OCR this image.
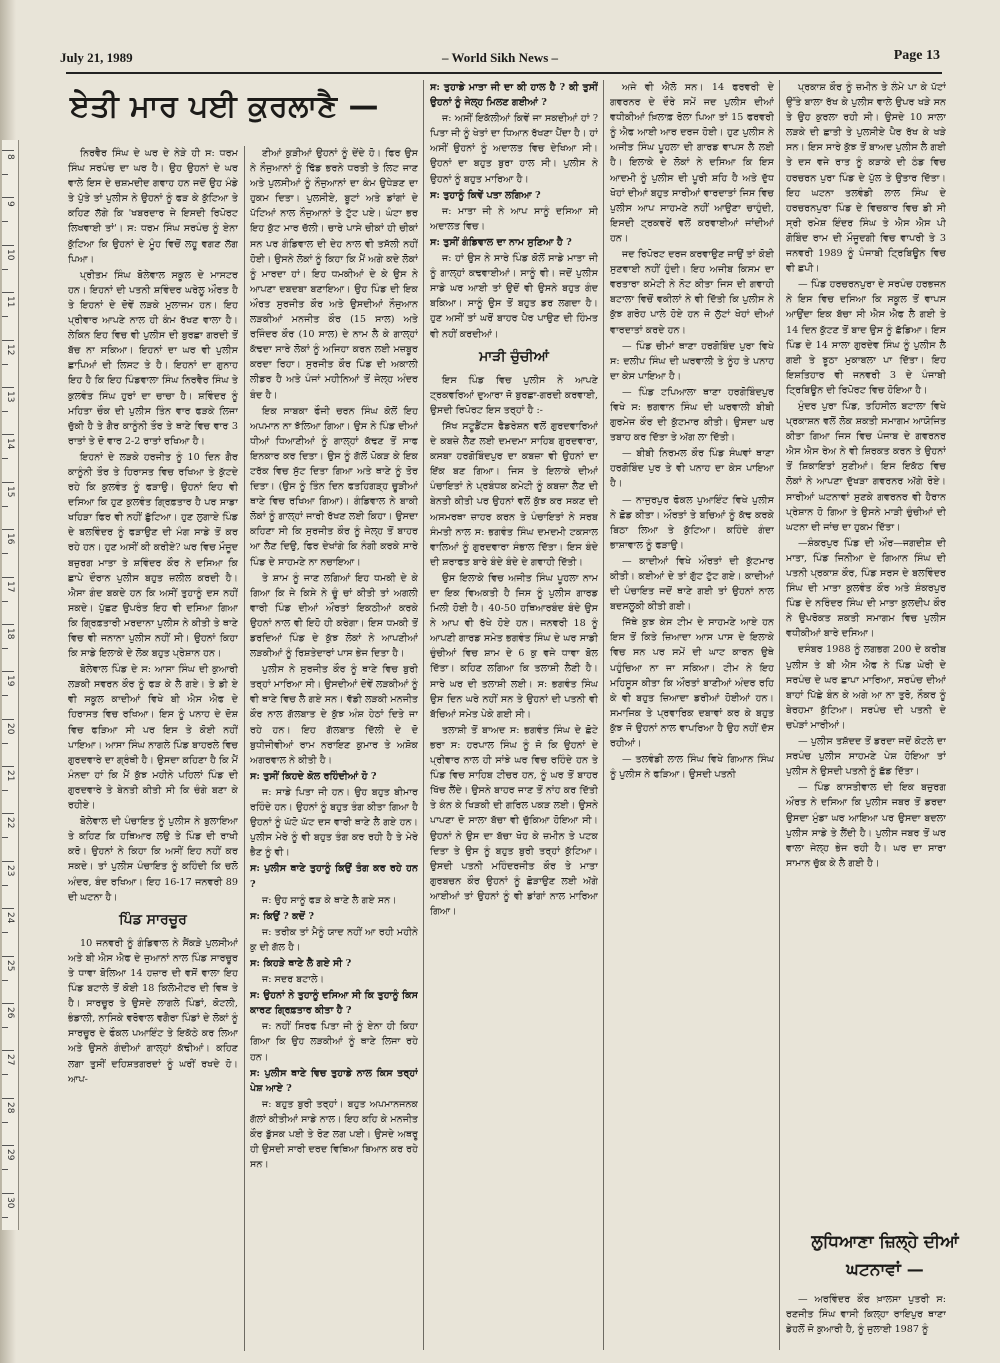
8
9
10
11
12
13
14
15
16
17
18
19
20
21
22
23
24
25
26
27
28
29
30
July 21, 1989	– World Sikh News –	Page 13
ਏਤੀ ਮਾਰ ਪਈ ਕੁਰਲਾਣੈ —

ਨਿਰਵੈਰ ਸਿੰਘ ਦੇ ਘਰ ਦੇ ਨੇੜੇ ਹੀ ਸ: ਧਰਮ ਸਿੰਘ ਸਰਪੰਚ ਦਾ ਘਰ ਹੈ। ਉਹ ਉਹਨਾਂ ਦੇ ਘਰ ਵਾਲੇ ਇਸ ਦੇ ਚਸ਼ਮਦੀਦ ਗਵਾਹ ਹਨ ਜਦੋਂ ਉਹ ਮੰਡੇ ਤੇ ਪੁੱਤੇ ਤਾਂ ਪੁਲੀਸ ਨੇ ਉਹਨਾਂ ਨੂੰ ਫੜ ਕੇ ਕੁੱਟਿਆ ਤੇ ਕਹਿਣ ਲੱਗੇ ਕਿ 'ਖਬਰਦਾਰ ਜੇ ਇਸਦੀ ਰਿਪੋਰਟ ਲਿਖਵਾਈ ਤਾਂ'। ਸ: ਧਰਮ ਸਿੰਘ ਸਰਪੰਚ ਨੂੰ ਏਨਾ ਕੁੱਟਿਆ ਕਿ ਉਹਨਾਂ ਦੇ ਮੂੰਹ ਵਿਚੋਂ ਲਹੂ ਵਗਣ ਲੱਗ ਪਿਆ।

ਪ੍ਰੀਤਮ ਸਿੰਘ ਬੋਲੇਵਾਲ ਸਕੂਲ ਦੇ ਮਾਸਟਰ ਹਨ। ਇਹਨਾਂ ਦੀ ਪਤਨੀ ਸ਼ਵਿੰਦਰ ਘਰੇਲੂ ਔਰਤ ਹੈ ਤੇ ਇਹਨਾਂ ਦੇ ਦੋਵੇਂ ਲੜਕੇ ਮੁਲਾਜਮ ਹਨ। ਇਹ ਪ੍ਰੀਵਾਰ ਆਪਣੇ ਨਾਲ ਹੀ ਕੰਮ ਰੱਖਣ ਵਾਲਾ ਹੈ। ਲੇਕਿਨ ਇਹ ਵਿਚ ਵੀ ਪੁਲੀਸ ਦੀ ਬੁਰਛਾ ਗਰਦੀ ਤੋਂ ਬੱਚ ਨਾ ਸਕਿਆ। ਇਹਨਾਂ ਦਾ ਘਰ ਵੀ ਪੁਲੀਸ ਛਾਪਿਆਂ ਦੀ ਲਿਸਟ ਤੇ ਹੈ। ਇਹਨਾਂ ਦਾ ਗੁਨਾਹ ਇਹ ਹੈ ਕਿ ਇਹ ਪਿੰਡਵਾਲਾ ਸਿੰਘ ਨਿਰਵੈਰ ਸਿੰਘ ਤੇ ਕੁਲਵੰਤ ਸਿੰਘ ਹੁਰਾਂ ਦਾ ਚਾਚਾ ਹੈ। ਸ਼ਵਿੰਦਰ ਨੂੰ ਮਹਿਤਾ ਚੌਕ ਦੀ ਪੁਲੀਸ ਤਿੰਨ ਵਾਰ ਫੜਕੇ ਲਿਜਾ ਚੁੱਕੀ ਹੈ ਤੇ ਗੈਰ ਕਾਨੂੰਨੀ ਤੌਰ ਤੇ ਥਾਣੇ ਵਿਚ ਵਾਰ 3 ਰਾਤਾਂ ਤੇ ਦੋ ਵਾਰ 2-2 ਰਾਤਾਂ ਰਖਿਆ ਹੈ।

ਇਹਨਾਂ ਦੇ ਲੜਕੇ ਹਰਜੀਤ ਨੂੰ 10 ਦਿਨ ਗੈਰ ਕਾਨੂੰਨੀ ਤੌਰ ਤੇ ਹਿਰਾਸਤ ਵਿਚ ਰਖਿਆ ਤੇ ਕੁੱਟਦੇ ਰਹੇ ਕਿ ਕੁਲਵੰਤ ਨੂੰ ਫੜਾਉ। ਉਹਨਾਂ ਇਹ ਵੀ ਦਸਿਆ ਕਿ ਹੁਣ ਕੁਲਵੰਤ ਗ੍ਰਿਫ਼ਤਾਰ ਹੈ ਪਰ ਸਾਡਾ ਖਹਿੜਾ ਫਿਰ ਵੀ ਨਹੀਂ ਛੁੱਟਿਆ। ਹੁਣ ਲੁਗਾਏ ਪਿੰਡ ਦੇ ਬਲਵਿੰਦਰ ਨੂੰ ਫੜਾਉਣ ਦੀ ਮੰਗ ਸਾਡੇ ਤੋਂ ਕਰ ਰਹੇ ਹਨ। ਹੁਣ ਅਸੀਂ ਕੀ ਕਰੀਏ? ਘਰ ਵਿਚ ਮੌਜੂਦ ਬਜ਼ੁਰਗ ਮਾਤਾ ਤੇ ਸ਼ਵਿੰਦਰ ਕੌਰ ਨੇ ਦਸਿਆ ਕਿ ਛਾਪੇ ਦੌਰਾਨ ਪੁਲੀਸ ਬਹੁਤ ਜ਼ਲੀਲ ਕਰਦੀ ਹੈ। ਐਸਾ ਗੰਦ ਬਕਦੇ ਹਨ ਕਿ ਅਸੀਂ ਤੁਹਾਨੂੰ ਦਸ ਨਹੀਂ ਸਕਦੇ। ਪੁੱਛਣ ਉਪਰੰਤ ਇਹ ਵੀ ਦਸਿਆ ਗਿਆ ਕਿ ਗ੍ਰਿਫ਼ਤਾਰੀ ਮਰਦਾਨਾ ਪੁਲੀਸ ਨੇ ਕੀਤੀ ਤੇ ਥਾਣੇ ਵਿਚ ਵੀ ਜਨਾਨਾ ਪੁਲੀਸ ਨਹੀਂ ਸੀ। ਉਹਨਾਂ ਕਿਹਾ ਕਿ ਸਾਡੇ ਇਲਾਕੇ ਦੇ ਲੋਕ ਬਹੁਤ ਪ੍ਰੇਸ਼ਾਨ ਹਨ।

ਬੋਲੇਵਾਲ ਪਿੰਡ ਦੇ ਸ: ਆਸਾ ਸਿੰਘ ਦੀ ਕੁਆਰੀ ਲੜਕੀ ਸਵਰਨ ਕੌਰ ਨੂੰ ਫੜ ਕੇ ਲੈ ਗਏ। ਤੇ ਡੀ ਏ ਵੀ ਸਕੂਲ ਕਾਦੀਆਂ ਵਿਖੇ ਬੀ ਐਸ ਐਫ ਦੇ ਹਿਰਾਸਤ ਵਿਚ ਰਖਿਆ। ਇਸ ਨੂੰ ਪਨਾਹ ਦੇ ਦੋਸ਼ ਵਿਚ ਫੜਿਆ ਸੀ ਪਰ ਇਸ ਤੇ ਕੋਈ ਨਹੀਂ ਪਾਇਆ। ਆਸਾ ਸਿੰਘ ਨਾਗਲੇ ਪਿੰਡ ਬਾਹਰਲੇ ਵਿਚ ਗੁਰਦਵਾਰੇ ਦਾ ਗ੍ਰੰਥੀ ਹੈ। ਉਸਦਾ ਕਹਿਣਾ ਹੈ ਕਿ ਮੈਂ ਮੰਨਦਾ ਹਾਂ ਕਿ ਮੈਂ ਕੁੱਝ ਮਹੀਨੇ ਪਹਿਲਾਂ ਪਿੰਡ ਦੀ ਗੁਰਦਵਾਰੇ ਤੇ ਬੇਨਤੀ ਕੀਤੀ ਸੀ ਕਿ ਚੰਗੇ ਬਣਾ ਕੇ ਰਹੀਏ।

ਬੋਲੇਵਾਲ ਦੀ ਪੰਚਾਇਤ ਨੂੰ ਪੁਲੀਸ ਨੇ ਬੁਲਾਇਆ ਤੇ ਕਹਿਣ ਕਿ ਹਥਿਆਰ ਲਉ ਤੇ ਪਿੰਡ ਦੀ ਰਾਖੀ ਕਰੋ। ਉਹਨਾਂ ਨੇ ਕਿਹਾ ਕਿ ਅਸੀਂ ਇਹ ਨਹੀਂ ਕਰ ਸਕਦੇ। ਤਾਂ ਪੁਲੀਸ ਪੰਚਾਇਤ ਨੂੰ ਕਹਿੰਦੀ ਕਿ ਚਲੋ ਅੰਦਰ, ਬੰਦ ਰਖਿਆ। ਇਹ 16-17 ਜਨਵਰੀ 89 ਦੀ ਘਟਨਾ ਹੈ।

ਪਿੰਡ ਸਾਰਚੂਰ

10 ਜਨਵਰੀ ਨੂੰ ਗੰਡਿਵਾਲ ਨੇ ਸੈਂਕੜੇ ਪੁਲਸੀਆਂ ਅਤੇ ਬੀ ਐਸ ਐਫ ਦੇ ਜੁਆਨਾਂ ਨਾਲ ਪਿੰਡ ਸਾਰਚੂਰ ਤੇ ਧਾਵਾ ਬੋਲਿਆ 14 ਹਜ਼ਾਰ ਦੀ ਵਸੋਂ ਵਾਲਾ ਇਹ ਪਿੰਡ ਬਟਾਲੇ ਤੋਂ ਕੋਈ 18 ਕਿਲੋਮੀਟਰ ਦੀ ਵਿਥ ਤੇ ਹੈ। ਸਾਰਚੂਰ ਤੇ ਉਸਦੇ ਲਾਗਲੇ ਪਿੰਡਾਂ, ਕੋਟਲੀ, ਭੰਡਾਲੀ, ਨਾਸਿਕੇ ਵਰੋਵਾਲ ਵਗੈਰਾ ਪਿੰਡਾਂ ਦੇ ਲੋਕਾਂ ਨੂੰ ਸਾਰਚੂਰ ਦੇ ਫੌਕਲ ਪਆਇੰਟ ਤੇ ਇਕੱਠੇ ਕਰ ਲਿਆ ਅਤੇ ਉਸਨੇ ਗੰਦੀਆਂ ਗਾਲ੍ਹਾਂ ਕੱਢੀਆਂ। ਕਹਿਣ ਲਗਾ ਤੁਸੀਂ ਦਹਿਸ਼ਤਗਰਦਾਂ ਨੂੰ ਘਰੀਂ ਰਖਦੇ ਹੋ। ਆਪ-

ਣੀਆਂ ਕੁੜੀਆਂ ਉਹਨਾਂ ਨੂੰ ਦੇਂਦੇ ਹੋ। ਫਿਰ ਉਸ ਨੇ ਨੌਜੁਆਨਾਂ ਨੂੰ ਢਿੱਡ ਭਰਨੇ ਧਰਤੀ ਤੇ ਲਿਟ ਜਾਣ ਅਤੇ ਪੁਲਸੀਆਂ ਨੂੰ ਨੌਜੁਆਨਾਂ ਦਾ ਕੰਮ ਉਧੇੜਣ ਦਾ ਹੁਕਮ ਦਿਤਾ। ਪੁਲਸੀਏ, ਬੂਟਾਂ ਅਤੇ ਡਾਂਗਾਂ ਦੇ ਪੱਟਿਆਂ ਨਾਲ ਨੌਜੁਆਨਾਂ ਤੇ ਟੁੱਟ ਪਏ। ਘੰਟਾ ਭਰ ਇਹ ਕੁੱਟ ਮਾਰ ਚੱਲੀ। ਚਾਰੇ ਪਾਸੇ ਚੀਕਾਂ ਹੀ ਚੀਕਾਂ ਸਨ ਪਰ ਗੰਡਿਵਾਲ ਦੀ ਦੇਹ ਨਾਲ ਵੀ ਤਸੱਲੀ ਨਹੀਂ ਹੋਈ। ਉਸਨੇ ਲੋਕਾਂ ਨੂੰ ਕਿਹਾ ਕਿ ਮੈਂ ਅਗੇ ਕਦੇ ਲੋਕਾਂ ਨੂੰ ਮਾਰਦਾ ਹਾਂ। ਇਹ ਧਮਕੀਆਂ ਦੇ ਕੇ ਉਸ ਨੇ ਆਪਣਾ ਦਬਦਬਾ ਬਣਾਇਆ। ਉਹ ਪਿੰਡ ਦੀ ਇਕ ਔਰਤ ਸੁਰਜੀਤ ਕੌਰ ਅਤੇ ਉਸਦੀਆਂ ਨੌਜੁਆਨ ਲੜਕੀਆਂ ਮਨਜੀਤ ਕੌਰ (15 ਸਾਲ) ਅਤੇ ਰਜਿੰਦਰ ਕੌਰ (10 ਸਾਲ) ਦੇ ਨਾਮ ਲੈ ਕੇ ਗਾਲ੍ਹਾਂ ਕੱਢਦਾ ਸਾਰੇ ਲੋਕਾਂ ਨੂੰ ਅਜਿਹਾ ਕਰਨ ਲਈ ਮਜ਼ਬੂਰ ਕਰਦਾ ਰਿਹਾ। ਸੁਰਜੀਤ ਕੌਰ ਪਿੰਡ ਦੀ ਅਕਾਲੀ ਲੀਡਰ ਹੈ ਅਤੇ ਪੰਜਾਂ ਮਹੀਨਿਆਂ ਤੋਂ ਜੇਲ੍ਹ ਅੰਦਰ ਬੰਦ ਹੈ।

ਇਕ ਸਾਬਕਾ ਫੌਜੀ ਚਰਨ ਸਿੰਘ ਕੋਲੋਂ ਇਹ ਅਪਮਾਨ ਨਾ ਝੱਲਿਆ ਗਿਆ। ਉਸ ਨੇ ਪਿੰਡ ਦੀਆਂ ਧੀਆਂ ਧਿਆਣੀਆਂ ਨੂੰ ਗਾਲ੍ਹਾਂ ਕੱਢਣ ਤੋਂ ਸਾਫ ਇਨਕਾਰ ਕਰ ਦਿਤਾ। ਉਸ ਨੂੰ ਗੱਲੋਂ ਪੋਕੜ ਕੇ ਇਕ ਟਰੱਕ ਵਿਚ ਸੁੱਟ ਦਿਤਾ ਗਿਆ ਅਤੇ ਥਾਣੇ ਨੂੰ ਤੋਰ ਦਿਤਾ। (ਉਸ ਨੂੰ ਤਿੰਨ ਦਿਨ ਫਤਹਿਗੜ੍ਹ ਚੂੜੀਆਂ ਥਾਣੇ ਵਿਚ ਰਖਿਆ ਗਿਆ)। ਗੰਡਿਵਾਲ ਨੇ ਬਾਕੀ ਲੋਕਾਂ ਨੂੰ ਗਾਲ੍ਹਾਂ ਜਾਰੀ ਰੱਖਣ ਲਈ ਕਿਹਾ। ਉਸਦਾ ਕਹਿਣਾ ਸੀ ਕਿ ਸੁਰਜੀਤ ਕੌਰ ਨੂੰ ਜੇਲ੍ਹ ਤੋਂ ਬਾਹਰ ਆ ਲੈਣ ਦਿਉ, ਫਿਰ ਦੇਖਾਂਗੇ ਕਿ ਨੰਗੀ ਕਰਕੇ ਸਾਰੇ ਪਿੰਡ ਦੇ ਸਾਹਮਣੇ ਨਾ ਨਚਾਇਆ।

ਤੇ ਸ਼ਾਮ ਨੂੰ ਜਾਣ ਲਗਿਆਂ ਇਹ ਧਮਕੀ ਦੇ ਕੇ ਗਿਆ ਕਿ ਜੇ ਕਿਸੇ ਨੇ ਚੂੰ ਚਾਂ ਕੀਤੀ ਤਾਂ ਅਗਲੀ ਵਾਰੀ ਪਿੰਡ ਦੀਆਂ ਔਰਤਾਂ ਇਕਠੀਆਂ ਕਰਕੇ ਉਹਨਾਂ ਨਾਲ ਵੀ ਇਹੋ ਹੀ ਕਰੇਗਾ। ਇਸ ਧਮਕੀ ਤੋਂ ਡਰਦਿਆਂ ਪਿੰਡ ਦੇ ਕੁੱਝ ਲੋਕਾਂ ਨੇ ਆਪਣੀਆਂ ਲੜਕੀਆਂ ਨੂੰ ਰਿਸ਼ਤੇਦਾਰਾਂ ਪਾਸ ਭੇਜ ਦਿਤਾ ਹੈ।

ਪੁਲੀਸ ਨੇ ਸੁਰਜੀਤ ਕੌਰ ਨੂੰ ਥਾਣੇ ਵਿਚ ਬੁਰੀ ਤਰ੍ਹਾਂ ਮਾਰਿਆ ਸੀ। ਉਸਦੀਆਂ ਦੋਵੇਂ ਲੜਕੀਆਂ ਨੂੰ ਵੀ ਥਾਣੇ ਵਿਚ ਲੈ ਗਏ ਸਨ। ਵੱਡੀ ਲੜਕੀ ਮਨਜੀਤ ਕੌਰ ਨਾਲ ਗੱਲਬਾਤ ਦੇ ਕੁੱਝ ਅੰਸ਼ ਹੇਠਾਂ ਦਿਤੇ ਜਾ ਰਹੇ ਹਨ। ਇਹ ਗੱਲਬਾਤ ਦਿੱਲੀ ਦੇ ਦੋ ਬੁਧੀਜੀਵੀਆਂ ਰਾਮ ਨਰਾਇਣ ਕੁਮਾਰ ਤੇ ਅਸ਼ੋਕ ਅਗਰਵਾਲ ਨੇ ਕੀਤੀ ਹੈ।

ਸ: ਤੁਸੀਂ ਕਿਹਦੇ ਕੋਲ ਰਹਿੰਦੀਆਂ ਹੋ ?

ਜ: ਸਾਡੇ ਪਿਤਾ ਜੀ ਹਨ। ਉਹ ਬਹੁਤ ਬੀਮਾਰ ਰਹਿੰਦੇ ਹਨ। ਉਹਨਾਂ ਨੂੰ ਬਹੁਤ ਤੰਗ ਕੀਤਾ ਗਿਆ ਹੈ ਉਹਨਾਂ ਨੂੰ ਘੱਟੋ ਘੱਟ ਦਸ ਵਾਰੀ ਥਾਣੇ ਲੈ ਗਏ ਹਨ। ਪੁਲੀਸ ਮੇਰੇ ਨੂੰ ਵੀ ਬਹੁਤ ਤੰਗ ਕਰ ਰਹੀ ਹੈ ਤੇ ਮੇਰੇ ਭੈਣ ਨੂੰ ਵੀ।

ਸ: ਪੁਲੀਸ ਥਾਣੇ ਤੁਹਾਨੂੰ ਕਿਉਂ ਤੰਗ ਕਰ ਰਹੇ ਹਨ ?

ਜ: ਉਹ ਸਾਨੂੰ ਫੜ ਕੇ ਥਾਣੇ ਲੈ ਗਏ ਸਨ।

ਸ: ਕਿਉਂ ? ਕਦੋਂ ?

ਜ: ਤਰੀਕ ਤਾਂ ਮੈਨੂੰ ਯਾਦ ਨਹੀਂ ਆ ਰਹੀ ਮਹੀਨੇ ਕੁ ਦੀ ਗੱਲ ਹੈ।

ਸ: ਕਿਹੜੇ ਥਾਣੇ ਲੈ ਗਏ ਸੀ ?

ਜ: ਸਦਰ ਬਟਾਲੇ।

ਸ: ਉਹਨਾਂ ਨੇ ਤੁਹਾਨੂੰ ਦਸਿਆ ਸੀ ਕਿ ਤੁਹਾਨੂੰ ਕਿਸ ਕਾਰਣ ਗ੍ਰਿਫ਼ਤਾਰ ਕੀਤਾ ਹੈ ?

ਜ: ਨਹੀਂ ਸਿਰਫ ਪਿਤਾ ਜੀ ਨੂੰ ਏਨਾ ਹੀ ਕਿਹਾ ਗਿਆ ਕਿ ਉਹ ਲੜਕੀਆਂ ਨੂੰ ਥਾਣੇ ਲਿਜਾ ਰਹੇ ਹਨ।

ਸ: ਪੁਲੀਸ ਥਾਣੇ ਵਿਚ ਤੁਹਾਡੇ ਨਾਲ ਕਿਸ ਤਰ੍ਹਾਂ ਪੇਸ਼ ਆਏ ?

ਜ: ਬਹੁਤ ਬੁਰੀ ਤਰ੍ਹਾਂ। ਬਹੁਤ ਅਪਮਾਨਜਨਕ ਗੱਲਾਂ ਕੀਤੀਆਂ ਸਾਡੇ ਨਾਲ। ਇਹ ਕਹਿ ਕੇ ਮਨਜੀਤ ਕੌਰ ਡੁੱਸਕ ਪਈ ਤੇ ਰੋਣ ਲਗ ਪਈ। ਉਸਦੇ ਅਥਰੂ ਹੀ ਉਸਦੀ ਸਾਰੀ ਦਰਦ ਵਿਥਿਆ ਬਿਆਨ ਕਰ ਰਹੇ ਸਨ।

ਸ: ਤੁਹਾਡੇ ਮਾਤਾ ਜੀ ਦਾ ਕੀ ਹਾਲ ਹੈ ? ਕੀ ਤੁਸੀਂ ਉਹਨਾਂ ਨੂੰ ਜੇਲ੍ਹ ਮਿਲਣ ਗਈਆਂ ?

ਜ: ਅਸੀਂ ਇਕੱਲੀਆਂ ਕਿਵੇਂ ਜਾ ਸਕਦੀਆਂ ਹਾਂ ? ਪਿਤਾ ਜੀ ਨੂੰ ਖੇਤਾਂ ਦਾ ਧਿਆਨ ਰੱਖਣਾ ਪੈਂਦਾ ਹੈ। ਹਾਂ ਅਸੀਂ ਉਹਨਾਂ ਨੂੰ ਅਦਾਲਤ ਵਿਚ ਦੇਖਿਆ ਸੀ। ਉਹਨਾਂ ਦਾ ਬਹੁਤ ਬੁਰਾ ਹਾਲ ਸੀ। ਪੁਲੀਸ ਨੇ ਉਹਨਾਂ ਨੂੰ ਬਹੁਤ ਮਾਰਿਆ ਹੈ।

ਸ: ਤੁਹਾਨੂੰ ਕਿਵੇਂ ਪਤਾ ਲਗਿਆ ?

ਜ: ਮਾਤਾ ਜੀ ਨੇ ਆਪ ਸਾਨੂੰ ਦਸਿਆ ਸੀ ਅਦਾਲਤ ਵਿਚ।

ਸ: ਤੁਸੀਂ ਗੰਡਿਵਾਲ ਦਾ ਨਾਮ ਸੁਣਿਆ ਹੈ ?

ਜ: ਹਾਂ ਉਸ ਨੇ ਸਾਰੇ ਪਿੰਡ ਕੋਲੋਂ ਸਾਡੇ ਮਾਤਾ ਜੀ ਨੂੰ ਗਾਲ੍ਹਾਂ ਕਢਵਾਈਆਂ। ਸਾਨੂੰ ਵੀ। ਜਦੋਂ ਪੁਲੀਸ ਸਾਡੇ ਘਰ ਆਈ ਤਾਂ ਉਦੋਂ ਵੀ ਉਸਨੇ ਬਹੁਤ ਗੰਦ ਬਕਿਆ। ਸਾਨੂੰ ਉਸ ਤੋਂ ਬਹੁਤ ਡਰ ਲਗਦਾ ਹੈ। ਹੁਣ ਅਸੀਂ ਤਾਂ ਘਰੋਂ ਬਾਹਰ ਪੈਰ ਪਾਉਣ ਦੀ ਹਿੰਮਤ ਵੀ ਨਹੀਂ ਕਰਦੀਆਂ।

ਮਾੜੀ ਚੁੰਚੀਆਂ

ਇਸ ਪਿੰਡ ਵਿਚ ਪੁਲੀਸ ਨੇ ਆਪਣੇ ਟ੍ਰਕਵਰਿਆਂ ਦੁਆਰਾ ਜੋ ਬੁਰਛਾ-ਗਰਦੀ ਕਰਵਾਈ, ਉਸਦੀ ਰਿਪੋਰਟ ਇਸ ਤਰ੍ਹਾਂ ਹੈ :-

ਸਿੱਖ ਸਟੂਡੈਂਟਸ ਫੈਡਰੇਸ਼ਨ ਵਲੋਂ ਗੁਰਦਵਾਰਿਆਂ ਦੇ ਕਬਜ਼ੇ ਲੈਣ ਲਈ ਦਮਦਮਾ ਸਾਹਿਬ ਗੁਰਦਵਾਰਾ, ਕਸਬਾ ਹਰਗੋਬਿੰਦਪੁਰ ਦਾ ਕਬਜ਼ਾ ਵੀ ਉਹਨਾਂ ਦਾ ਇੱਕ ਬਣ ਗਿਆ। ਜਿਸ ਤੇ ਇਲਾਕੇ ਦੀਆਂ ਪੰਚਾਇਤਾਂ ਨੇ ਪ੍ਰਬੰਧਕ ਕਮੇਟੀ ਨੂੰ ਕਬਜ਼ਾ ਲੈਣ ਦੀ ਬੇਨਤੀ ਕੀਤੀ ਪਰ ਉਹਨਾਂ ਵਲੋਂ ਕੁੱਝ ਕਰ ਸਕਣ ਦੀ ਅਸਮਰਥਾ ਜ਼ਾਹਰ ਕਰਨ ਤੇ ਪੰਚਾਇਤਾਂ ਨੇ ਸਰਬ ਸੰਮਤੀ ਨਾਲ ਸ: ਭਗਵੰਤ ਸਿੰਘ ਦਮਦਮੀ ਟਕਸਾਲ ਵਾਲਿਆਂ ਨੂੰ ਗੁਰਦਵਾਰਾ ਸੰਭਾਲ ਦਿੱਤਾ। ਇਸ ਬੰਦੇ ਦੀ ਸ਼ਰਾਫਤ ਬਾਰੇ ਬੰਦੇ ਬੰਦੇ ਦੇ ਗਵਾਹੀ ਦਿੱਤੀ।

ਉਸ ਇਲਾਕੇ ਵਿਚ ਅਜੀਤ ਸਿੰਘ ਪੂਹਲਾ ਨਾਮ ਦਾ ਇਕ ਵਿਅਕਤੀ ਹੈ ਜਿਸ ਨੂੰ ਪੁਲੀਸ ਗਾਰਡ ਮਿਲੀ ਹੋਈ ਹੈ। 40-50 ਹਥਿਆਰਬੰਦ ਬੰਦੇ ਉਸ ਨੇ ਆਪ ਵੀ ਰੱਖੇ ਹੋਏ ਹਨ। ਜਨਵਰੀ 18 ਨੂੰ ਆਪਣੀ ਗਾਰਡ ਸਮੇਤ ਭਗਵੰਤ ਸਿੰਘ ਦੇ ਘਰ ਸਾਡੀ ਚੁੰਚੀਆਂ ਵਿਚ ਸ਼ਾਮ ਦੇ 6 ਕੁ ਵਜੇ ਧਾਵਾ ਬੋਲ ਦਿੱਤਾ। ਕਹਿਣ ਲਗਿਆ ਕਿ ਤਲਾਸ਼ੀ ਲੈਣੀ ਹੈ। ਸਾਰੇ ਘਰ ਦੀ ਤਲਾਸ਼ੀ ਲਈ। ਸ: ਭਗਵੰਤ ਸਿੰਘ ਉਸ ਦਿਨ ਘਰੇ ਨਹੀਂ ਸਨ ਤੇ ਉਹਨਾਂ ਦੀ ਪਤਨੀ ਵੀ ਬੱਚਿਆਂ ਸਮੇਤ ਪੇਕੇ ਗਈ ਸੀ।

ਤਲਾਸ਼ੀ ਤੋਂ ਬਾਅਦ ਸ: ਭਗਵੰਤ ਸਿੰਘ ਦੇ ਛੋਟੇ ਭਰਾ ਸ: ਹਰਪਾਲ ਸਿੰਘ ਨੂੰ ਜੋ ਕਿ ਉਹਨਾਂ ਦੇ ਪ੍ਰੀਵਾਰ ਨਾਲ ਹੀ ਸਾਂਝੇ ਘਰ ਵਿਚ ਰਹਿੰਦੇ ਹਨ ਤੇ ਪਿੰਡ ਵਿਚ ਸਾਹਿਬ ਟੀਚਰ ਹਨ, ਨੂੰ ਘਰ ਤੋਂ ਬਾਹਰ ਖਿੱਚ ਲੈਂਦੇ। ਉਸਨੇ ਬਾਹਰ ਜਾਣ ਤੋਂ ਨਾਂਹ ਕਰ ਦਿੱਤੀ ਤੇ ਕੰਨ ਕੇ ਖਿੜਕੀ ਦੀ ਗਰਿਲ ਪਕੜ ਲਈ। ਉਸਨੇ ਪਾਪਣਾ ਦੋ ਸਾਲਾ ਬੱਚਾ ਵੀ ਚੁੱਕਿਆ ਹੋਇਆ ਸੀ। ਉਹਨਾਂ ਨੇ ਉਸ ਦਾ ਬੱਚਾ ਖੋਹ ਕੇ ਜ਼ਮੀਨ ਤੇ ਪਟਕ ਦਿਤਾ ਤੇ ਉਸ ਨੂੰ ਬਹੁਤ ਬੁਰੀ ਤਰ੍ਹਾਂ ਕੁੱਟਿਆ। ਉਸਦੀ ਪਤਨੀ ਮਹਿੰਦਰਜੀਤ ਕੌਰ ਤੇ ਮਾਤਾ ਗੁਰਬਚਨ ਕੌਰ ਉਹਨਾਂ ਨੂੰ ਛੋੜਾਉਣ ਲਈ ਅੱਗੇ ਆਈਆਂ ਤਾਂ ਉਹਨਾਂ ਨੂੰ ਵੀ ਡਾਂਗਾਂ ਨਾਲ ਮਾਰਿਆ ਗਿਆ।

ਅਜੇ ਵੀ ਐਲੋ ਸਨ। 14 ਫਰਵਰੀ ਦੇ ਗਵਰਨਰ ਦੇ ਦੌਰੇ ਸਮੇਂ ਜਦ ਪੁਲੀਸ ਦੀਆਂ ਵਧੀਕੀਆਂ ਖ਼ਿਲਾਫ਼ ਰੋਲਾ ਪਿਆ ਤਾਂ 15 ਫਰਵਰੀ ਨੂੰ ਐਫ ਆਈ ਆਰ ਦਰਜ ਹੋਈ। ਹੁਣ ਪੁਲੀਸ ਨੇ ਅਜੀਤ ਸਿੰਘ ਪੂਹਲਾ ਦੀ ਗਾਰਡ ਵਾਪਸ ਲੈ ਲਈ ਹੈ। ਇਲਾਕੇ ਦੇ ਲੋਕਾਂ ਨੇ ਦਸਿਆ ਕਿ ਇਸ ਆਦਮੀ ਨੂੰ ਪੁਲੀਸ ਦੀ ਪੂਰੀ ਸ਼ਹਿ ਹੈ ਅਤੇ ਦੁੱਧ ਖੋਹਾਂ ਦੀਆਂ ਬਹੁਤ ਸਾਰੀਆਂ ਵਾਰਦਾਤਾਂ ਜਿਸ ਵਿਚ ਪੁਲੀਸ ਆਪ ਸਾਹਮਣੇ ਨਹੀਂ ਆਉਣਾ ਚਾਹੁੰਦੀ, ਇਸਦੀ ਟ੍ਰਕਵਰੇਂ ਵਲੋਂ ਕਰਵਾਈਆਂ ਜਾਂਦੀਆਂ ਹਨ।

ਜਦ ਰਿਪੋਰਟ ਦਰਜ ਕਰਵਾਉਣ ਜਾਉਂ ਤਾਂ ਕੋਈ ਸੁਣਵਾਈ ਨਹੀਂ ਹੁੰਦੀ। ਇਹ ਅਜੀਬ ਕਿਸਮ ਦਾ ਵਰਤਾਰਾ ਕਮੇਟੀ ਨੇ ਨੋਟ ਕੀਤਾ ਜਿਸ ਦੀ ਗਵਾਹੀ ਬਟਾਲਾ ਵਿਚੋਂ ਵਕੀਲਾਂ ਨੇ ਵੀ ਦਿੱਤੀ ਕਿ ਪੁਲੀਸ ਨੇ ਕੁੱਝ ਗਰੋਹ ਪਾਲੇ ਹੋਏ ਹਨ ਜੋ ਲੁੱਟਾਂ ਖੋਹਾਂ ਦੀਆਂ ਵਾਰਦਾਤਾਂ ਕਰਦੇ ਹਨ।

— ਪਿੰਡ ਚੀਮਾਂ ਥਾਣਾ ਹਰਗੋਬਿੰਦ ਪੁਰਾ ਵਿਖੇ ਸ: ਦਲੀਪ ਸਿੰਘ ਦੀ ਘਰਵਾਲੀ ਤੇ ਨੂੰਹ ਤੇ ਪਨਾਹ ਦਾ ਕੇਸ ਪਾਇਆ ਹੈ।

— ਪਿੰਡ ਟਪਿਆਲਾ ਥਾਣਾ ਹਰਗੋਬਿੰਦਪੁਰ ਵਿਖੇ ਸ: ਭਗਵਾਨ ਸਿੰਘ ਦੀ ਘਰਵਾਲੀ ਬੀਬੀ ਗੁਰਮੇਜ ਕੌਰ ਦੀ ਕੁੱਟਮਾਰ ਕੀਤੀ। ਉਸਦਾ ਘਰ ਤਬਾਹ ਕਰ ਦਿੱਤਾ ਤੇ ਅੱਗ ਲਾ ਦਿੱਤੀ।

— ਬੀਬੀ ਨਿਰਮਲ ਕੌਰ ਪਿੰਡ ਸੰਘਵਾਂ ਥਾਣਾ ਹਰਗੋਬਿੰਦ ਪੁਰ ਤੇ ਵੀ ਪਨਾਹ ਦਾ ਕੇਸ ਪਾਇਆ ਹੈ।

— ਨਾਜੁਰਪੁਰ ਫੋਕਲ ਪੁਆਇੰਟ ਵਿਖੇ ਪੁਲੀਸ ਨੇ ਛੋਡ ਕੀਤਾ। ਔਰਤਾਂ ਤੇ ਬਚਿਆਂ ਨੂੰ ਕੱਢ ਕਰਕੇ ਬਿਠਾ ਲਿਆ ਤੇ ਕੁੱਟਿਆ। ਕਹਿੰਦੇ ਗੰਦਾ ਭਾਸ਼ਾਵਾਲ ਨੂੰ ਫੜਾਉ।

— ਕਾਦੀਆਂ ਵਿਖੇ ਔਰਤਾਂ ਦੀ ਕੁੱਟਮਾਰ ਕੀਤੀ। ਕਈਆਂ ਦੇ ਤਾਂ ਗੁੱਟ ਟੁੱਟ ਗਏ। ਕਾਦੀਆਂ ਦੀ ਪੰਚਾਇਤ ਜਦੋਂ ਥਾਣੇ ਗਈ ਤਾਂ ਉਹਨਾਂ ਨਾਲ ਬਦਸਲੂਕੀ ਕੀਤੀ ਗਈ।

ਜਿੱਥੇ ਕੁਝ ਕੇਸ ਟੀਮ ਦੇ ਸਾਹਮਣੇ ਆਏ ਹਨ ਇਸ ਤੋਂ ਕਿਤੇ ਜ਼ਿਆਦਾ ਆਸ ਪਾਸ ਦੇ ਇਲਾਕੇ ਵਿਚ ਸਨ ਪਰ ਸਮੇਂ ਦੀ ਘਾਟ ਕਾਰਨ ਉਥੇ ਪਹੁੰਚਿਆ ਨਾ ਜਾ ਸਕਿਆ। ਟੀਮ ਨੇ ਇਹ ਮਹਿਸੂਸ ਕੀਤਾ ਕਿ ਔਰਤਾਂ ਬਾਣੀਆਂ ਅੰਦਰ ਰਹਿ ਕੇ ਵੀ ਬਹੁਤ ਜ਼ਿਆਦਾ ਡਰੀਆਂ ਹੋਈਆਂ ਹਨ। ਸਮਾਜਿਕ ਤੇ ਪ੍ਰਵਾਰਿਕ ਦਬਾਵਾਂ ਕਰ ਕੇ ਬਹੁਤ ਕੁੱਝ ਜੋ ਉਹਨਾਂ ਨਾਲ ਵਾਪਰਿਆ ਹੈ ਉਹ ਨਹੀਂ ਦੱਸ ਰਹੀਆਂ।

— ਤਲਵੰਡੀ ਲਾਲ ਸਿੰਘ ਵਿਖੇ ਗਿਆਨ ਸਿੰਘ ਨੂੰ ਪੁਲੀਸ ਨੇ ਫੜਿਆ। ਉਸਦੀ ਪਤਨੀ

ਪ੍ਰਕਾਸ਼ ਕੌਰ ਨੂੰ ਜ਼ਮੀਨ ਤੇ ਲੰਮੇ ਪਾ ਕੇ ਪੱਟਾਂ ਉੱਤੇ ਬਾਲਾ ਰੱਖ ਕੇ ਪੁਲੀਸ ਵਾਲੇ ਉਪਰ ਖੜੇ ਸਨ ਤੇ ਉਹ ਕੁਰਲਾ ਰਹੀ ਸੀ। ਉਸਦੇ 10 ਸਾਲਾ ਲੜਕੇ ਦੀ ਛਾਤੀ ਤੇ ਪੁਲਸੀਏ ਪੈਰ ਰੱਖ ਕੇ ਖੜੇ ਸਨ। ਇਸ ਸਾਰੇ ਕੁੱਝ ਤੋਂ ਬਾਅਦ ਪੁਲੀਸ ਲੈ ਗਈ ਤੇ ਦਸ ਵਜੇ ਰਾਤ ਨੂੰ ਕੜਾਕੇ ਦੀ ਠੰਡ ਵਿਚ ਹਰਚਰਨ ਪੁਰਾ ਪਿੰਡ ਦੇ ਪੁੱਲ ਤੇ ਉਤਾਰ ਦਿੱਤਾ। ਇਹ ਘਟਨਾ ਤਲਵੰਡੀ ਲਾਲ ਸਿੰਘ ਦੇ ਹਰਚਰਨਪੁਰਾ ਪਿੰਡ ਦੇ ਵਿਚਕਾਰ ਵਿਚ ਡੀ ਸੀ ਸ੍ਰੀ ਰਮੇਸ਼ ਇੰਦਰ ਸਿੰਘ ਤੇ ਐਸ ਐਸ ਪੀ ਗੋਬਿੰਦ ਰਾਮ ਦੀ ਮੌਜੂਦਗੀ ਵਿਚ ਵਾਪਰੀ ਤੇ 3 ਜਨਵਰੀ 1989 ਨੂੰ ਪੰਜਾਬੀ ਟ੍ਰਿਬਿਊਨ ਵਿਚ ਵੀ ਛਪੀ।

— ਪਿੰਡ ਹਰਚਰਨਪੁਰਾ ਦੇ ਸਰਪੰਚ ਹਰਭਜਨ ਨੇ ਇਸ ਵਿਚ ਦਸਿਆ ਕਿ ਸਕੂਲ ਤੋਂ ਵਾਪਸ ਆਉਂਦਾ ਇਕ ਬੱਚਾ ਸੀ ਐਸ ਐਫ ਲੈ ਗਈ ਤੇ 14 ਦਿਨ ਕੁੱਟਣ ਤੋਂ ਬਾਦ ਉਸ ਨੂੰ ਛੱਡਿਆ। ਇਸ ਪਿੰਡ ਦੇ 14 ਸਾਲਾ ਗੁਰਦੇਵ ਸਿੰਘ ਨੂੰ ਪੁਲੀਸ ਲੈ ਗਈ ਤੇ ਝੂਠਾ ਮੁਕਾਬਲਾ ਪਾ ਦਿੱਤਾ। ਇਹ ਇਸ਼ਤਿਹਾਰ ਵੀ ਜਨਵਰੀ 3 ਦੇ ਪੰਜਾਬੀ ਟ੍ਰਿਬਿਊਨ ਦੀ ਰਿਪੋਰਟ ਵਿਚ ਹੋਇਆ ਹੈ।

ਮੁੰਦਰ ਪੁਰਾ ਪਿੰਡ, ਤਹਿਸੀਲ ਬਟਾਲਾ ਵਿਖੇ ਪ੍ਰਕਾਸ਼ਨ ਵਲੋਂ ਲੋਕ ਸ਼ਕਤੀ ਸਮਾਗਮ ਆਯੋਜਿਤ ਕੀਤਾ ਗਿਆ ਜਿਸ ਵਿਚ ਪੰਜਾਬ ਦੇ ਗਵਰਨਰ ਐਸ ਐਸ ਰੇਅ ਨੇ ਵੀ ਸ਼ਿਰਕਤ ਕਰਨ ਤੇ ਉਹਨਾਂ ਤੋਂ ਸ਼ਿਕਾਇਤਾਂ ਸੁਣੀਆਂ। ਇਸ ਇਕੱਠ ਵਿਚ ਲੋਕਾਂ ਨੇ ਆਪਣਾ ਦੁੱਖੜਾ ਗਵਰਨਰ ਅੱਗੇ ਰੋਏ। ਸਾਰੀਆਂ ਘਟਨਾਵਾਂ ਸੁਣਕੇ ਗਵਰਨਰ ਵੀ ਹੈਰਾਨ ਪ੍ਰੇਸ਼ਾਨ ਹੋ ਗਿਆ ਤੇ ਉਸਨੇ ਮਾੜੀ ਚੁੰਚੀਆਂ ਦੀ ਘਟਨਾ ਦੀ ਜਾਂਚ ਦਾ ਹੁਕਮ ਦਿੱਤਾ।

—ਸ਼ੰਕਰਪੁਰ ਪਿੰਡ ਦੀ ਔਰ—ਜਗਦੀਸ਼ ਦੀ ਮਾਤਾ, ਪਿੰਡ ਜਿਨੀਆ ਦੇ ਗਿਆਨ ਸਿੰਘ ਦੀ ਪਤਨੀ ਪ੍ਰਕਾਸ਼ ਕੌਰ, ਪਿੰਡ ਸਰਸ ਦੇ ਬਲਵਿੰਦਰ ਸਿੰਘ ਦੀ ਮਾਤਾ ਕੁਲਵੰਤ ਕੌਰ ਅਤੇ ਸ਼ੰਕਰਪੁਰ ਪਿੰਡ ਦੇ ਨਰਿੰਦਰ ਸਿੰਘ ਦੀ ਮਾਤਾ ਕੁਲਦੀਪ ਕੌਰ ਨੇ ਉਪਰੋਕਤ ਸ਼ਕਤੀ ਸਮਾਗਮ ਵਿਚ ਪੁਲੀਸ ਵਧੀਕੀਆਂ ਬਾਰੇ ਦਸਿਆ।

ਦਸੰਬਰ 1988 ਨੂੰ ਲਗਭਗ 200 ਦੇ ਕਰੀਬ ਪੁਲੀਸ ਤੇ ਬੀ ਐਸ ਐਫ ਨੇ ਪਿੰਡ ਘੇਰੀ ਦੇ ਸਰਪੰਚ ਦੇ ਘਰ ਛਾਪਾ ਮਾਰਿਆ, ਸਰਪੰਚ ਦੀਆਂ ਬਾਹਾਂ ਪਿੱਛੇ ਬੰਨ ਕੇ ਅਗੇ ਆ ਨਾ ਤੁਰੋ, ਨੌਕਰ ਨੂੰ ਬੇਰਹਮਾ ਕੁੱਟਿਆ। ਸਰਪੰਚ ਦੀ ਪਤਨੀ ਦੇ ਚਪੇੜਾਂ ਮਾਰੀਆਂ।

— ਪੁਲੀਸ ਤਸ਼ੱਦਦ ਤੋਂ ਡਰਦਾ ਜਦੋਂ ਕੋਟਲੇ ਦਾ ਸਰਪੰਚ ਪੁਲੀਸ ਸਾਹਮਣੇ ਪੇਸ਼ ਹੋਇਆ ਤਾਂ ਪੁਲੀਸ ਨੇ ਉਸਦੀ ਪਤਨੀ ਨੂੰ ਛੱਡ ਦਿੱਤਾ।

— ਪਿੰਡ ਕਾਸਤੀਵਾਲ ਦੀ ਇਕ ਬਜ਼ੁਰਗ ਔਰਤ ਨੇ ਦਸਿਆ ਕਿ ਪੁਲੀਸ ਜਬਰ ਤੋਂ ਡਰਦਾ ਉਸਦਾ ਮੁੰਡਾ ਘਰ ਆਇਆ ਪਰ ਉਸਦਾ ਬਦਲਾ ਪੁਲੀਸ ਸਾਡੇ ਤੇ ਲੈਂਦੀ ਹੈ। ਪੁਲੀਸ ਜਬਰ ਤੋਂ ਘਰ ਵਾਲਾ ਜੇਲ੍ਹ ਭੇਜ ਰਹੀ ਹੈ। ਘਰ ਦਾ ਸਾਰਾ ਸਾਮਾਨ ਚੁੱਕ ਕੇ ਲੈ ਗਈ ਹੈ।

ਲੁਧਿਆਣਾ ਜ਼ਿਲ੍ਹੇ ਦੀਆਂ
ਘਟਨਾਵਾਂ —

— ਅਰਵਿੰਦਰ ਕੌਰ ਖ਼ਾਲਸਾ ਪੁਤਰੀ ਸ: ਰਣਜੀਤ ਸਿੰਘ ਵਾਸੀ ਕਿਲ੍ਹਾ ਰਾਇਪੁਰ ਥਾਣਾ ਡੇਹਲੋਂ ਜੋ ਕੁਆਰੀ ਹੈ, ਨੂੰ ਜੁਲਾਈ 1987 ਨੂੰ
